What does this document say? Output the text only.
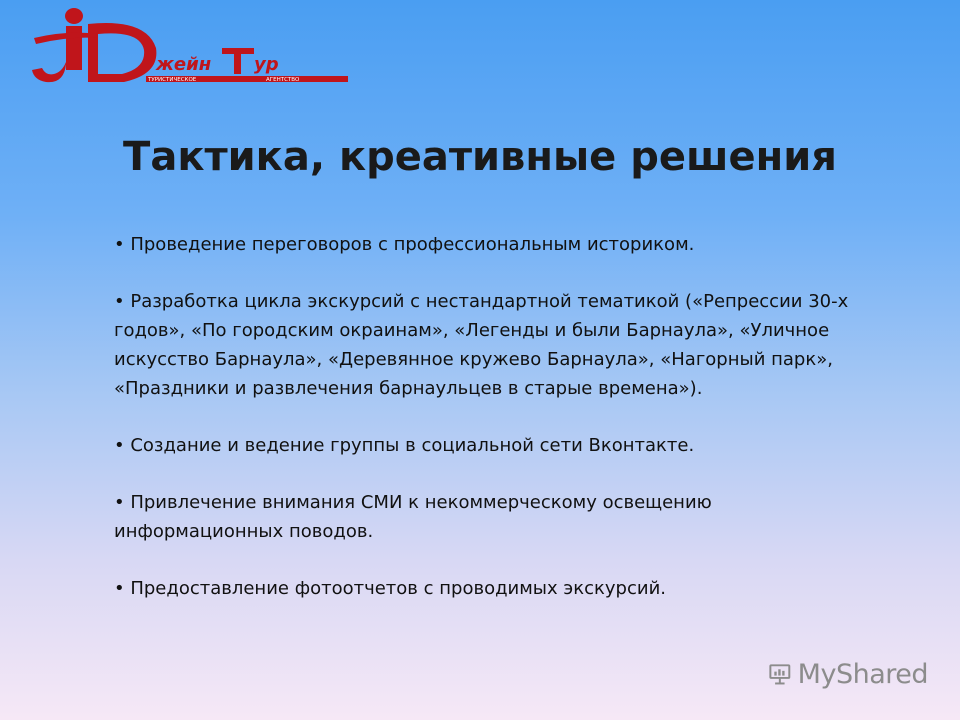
жейн ур
ТУРИСТИЧЕСКОЕ	АГЕНТСТВО
Тактика, креативные решения

• Проведение переговоров с профессиональным историком.

• Разработка цикла экскурсий с нестандартной тематикой («Репрессии 30-х годов», «По городским окраинам», «Легенды и были Барнаула», «Уличное искусство Барнаула», «Деревянное кружево Барнаула», «Нагорный парк», «Праздники и развлечения барнаульцев в старые времена»).

• Создание и ведение группы в социальной сети Вконтакте.

• Привлечение внимания СМИ к некоммерческому освещению информационных поводов.

• Предоставление фотоотчетов с проводимых экскурсий.

MyShared
